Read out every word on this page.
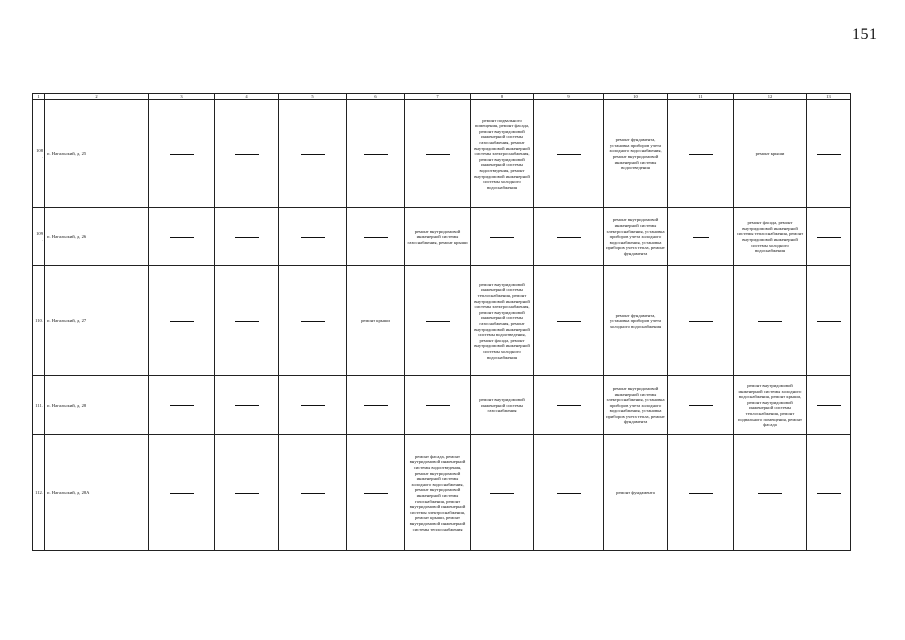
151
1	2	3	4	5	6	7	8	9	10	11	12	13
108.	п. Нагальский, д. 25						ремонт подвального помещения, ремонт фасада, ремонт внутридомовой инженерной системы газоснабжения, ремонт внутридомовой инженерной системы электроснабжения, ремонт внутридомовой инженерной системы водоотведения, ремонт внутридомовой инженерной системы холодного водоснабжения		ремонт фундамента, установка приборов учета холодного водоснабжения, ремонт внутридомовой инженерной системы водоотведения		ремонт крыши	

109.	п. Нагальский, д. 26					ремонт внутридомовой инженерной системы газоснабжения, ремонт крыши			ремонт внутридомовой инженерной системы электроснабжения, установка приборов учета холодного водоснабжения, установка приборов учета тепла, ремонт фундамента		ремонт фасада, ремонт внутридомовой инженерной системы теплоснабжения, ремонт внутридомовой инженерной системы холодного водоснабжения	

110.	п. Нагальский, д. 27				ремонт крыши		ремонт внутридомовой инженерной системы теплоснабжения, ремонт внутридомовой инженерной системы электроснабжения, ремонт внутридомовой инженерной системы газоснабжения, ремонт внутридомовой инженерной системы водоотведения, ремонт фасада, ремонт внутридомовой инженерной системы холодного водоснабжения		ремонт фундамента, установка приборов учета холодного водоснабжения			

111.	п. Нагальский, д. 28						ремонт внутридомовой инженерной системы газоснабжения		ремонт внутридомовой инженерной системы электроснабжения, установка приборов учета холодного водоснабжения, установка приборов учета тепла, ремонт фундамента		ремонт внутридомовой инженерной системы холодного водоснабжения, ремонт крыши, ремонт внутридомовой инженерной системы теплоснабжения, ремонт подвального помещения, ремонт фасада	

112.	п. Нагальский, д. 28А					ремонт фасада, ремонт внутридомовой инженерной системы водоотведения, ремонт внутридомовой инженерной системы холодного водоснабжения, ремонт внутридомовой инженерной системы газоснабжения, ремонт внутридомовой инженерной системы электроснабжения, ремонт крыши, ремонт внутридомовой инженерной системы теплоснабжения			ремонт фундамента			
